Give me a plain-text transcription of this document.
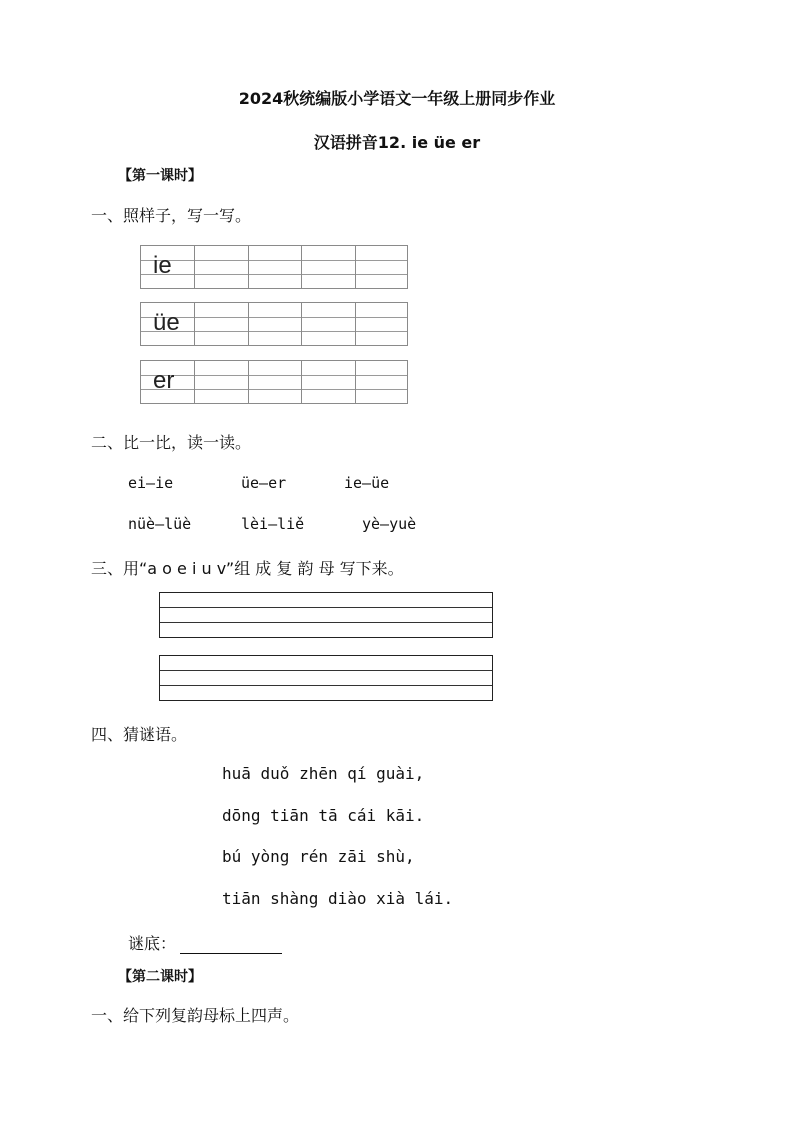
2024秋统编版小学语文一年级上册同步作业
汉语拼音12. ie üe er
【第一课时】
一、照样子，写一写。
ie
üe
er
二、比一比，读一读。
ei—ie	üe—er	ie—üe
nüè—lüè	lèi—liě	yè—yuè
三、用“a o e i u v”组 成 复 韵 母 写下来。
四、猜谜语。
huā duǒ zhēn qí guài,
dōng tiān tā cái kāi.
bú yòng rén zāi shù,
tiān shàng diào xià lái.
谜底：
【第二课时】
一、给下列复韵母标上四声。
